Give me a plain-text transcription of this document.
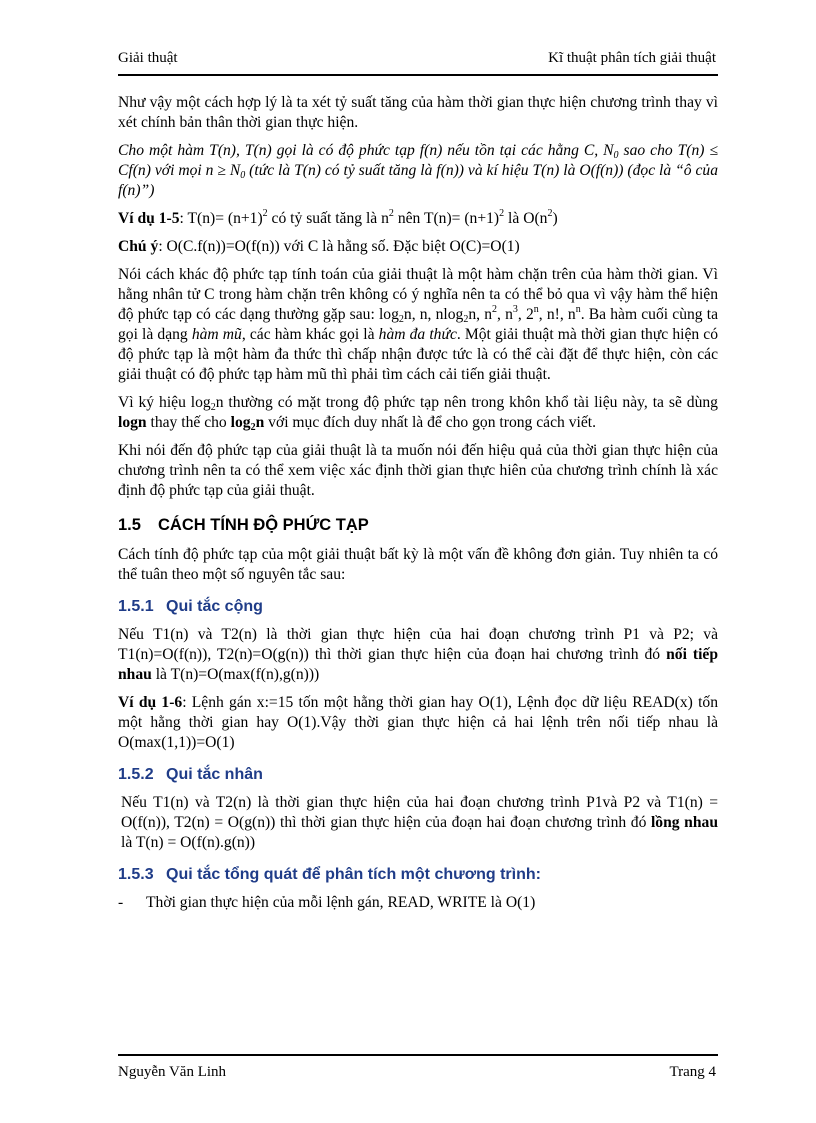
Giải thuật	Kĩ thuật phân tích giải thuật

Như vậy một cách hợp lý là ta xét tỷ suất tăng của hàm thời gian thực hiện chương trình thay vì xét chính bản thân thời gian thực hiện.

Cho một hàm T(n), T(n) gọi là có độ phức tạp f(n) nếu tồn tại các hằng C, $N_0$ sao cho T(n) ≤ Cf(n) với mọi $n \ge N_0$ (tức là T(n) có tỷ suất tăng là f(n)) và kí hiệu T(n) là O(f(n)) (đọc là “ô của f(n)”)

Ví dụ 1-5: $T(n)= (n+1)^2$ có tỷ suất tăng là $n^2$ nên $T(n)= (n+1)^2$ là $O(n^2)$

Chú ý: O(C.f(n))=O(f(n)) với C là hằng số. Đặc biệt O(C)=O(1)

Nói cách khác độ phức tạp tính toán của giải thuật là một hàm chặn trên của hàm thời gian. Vì hằng nhân tử C trong hàm chặn trên không có ý nghĩa nên ta có thể bỏ qua vì vậy hàm thể hiện độ phức tạp có các dạng thường gặp sau: $\log_2n$, n, nlog$_2$n, $n^2$, $n^3$, 2$^n$, n!, $n^n$. Ba hàm cuối cùng ta gọi là dạng hàm mũ, các hàm khác gọi là hàm đa thức. Một giải thuật mà thời gian thực hiện có độ phức tạp là một hàm đa thức thì chấp nhận được tức là có thể cài đặt để thực hiện, còn các giải thuật có độ phức tạp hàm mũ thì phải tìm cách cải tiến giải thuật.

Vì ký hiệu $\log_2n$ thường có mặt trong độ phức tạp nên trong khôn khổ tài liệu này, ta sẽ dùng logn thay thế cho $\log_2n$ với mục đích duy nhất là để cho gọn trong cách viết.

Khi nói đến độ phức tạp của giải thuật là ta muốn nói đến hiệu quả của thời gian thực hiện của chương trình nên ta có thể xem việc xác định thời gian thực hiên của chương trình chính là xác định độ phức tạp của giải thuật.

1.5 CÁCH TÍNH ĐỘ PHỨC TẠP

Cách tính độ phức tạp của một giải thuật bất kỳ là một vấn đề không đơn giản. Tuy nhiên ta có thể tuân theo một số nguyên tắc sau:

1.5.1 Qui tắc cộng

Nếu T1(n) và T2(n) là thời gian thực hiện của hai đoạn chương trình P1 và P2; và T1(n)=O(f(n)), T2(n)=O(g(n)) thì thời gian thực hiện của đoạn hai chương trình đó nối tiếp nhau là T(n)=O(max(f(n),g(n)))

Ví dụ 1-6: Lệnh gán x:=15 tốn một hằng thời gian hay O(1), Lệnh đọc dữ liệu READ(x) tốn một hằng thời gian hay O(1).Vậy thời gian thực hiện cả hai lệnh trên nối tiếp nhau là O(max(1,1))=O(1)

1.5.2 Qui tắc nhân

Nếu T1(n) và T2(n) là thời gian thực hiện của hai đoạn chương trình P1và P2 và T1(n) = O(f(n)), T2(n) = O(g(n)) thì thời gian thực hiện của đoạn hai đoạn chương trình đó lồng nhau là T(n) = O(f(n).g(n))

1.5.3 Qui tắc tổng quát để phân tích một chương trình:
-	Thời gian thực hiện của mỗi lệnh gán, READ, WRITE là O(1)
Nguyễn Văn Linh	Trang 4
